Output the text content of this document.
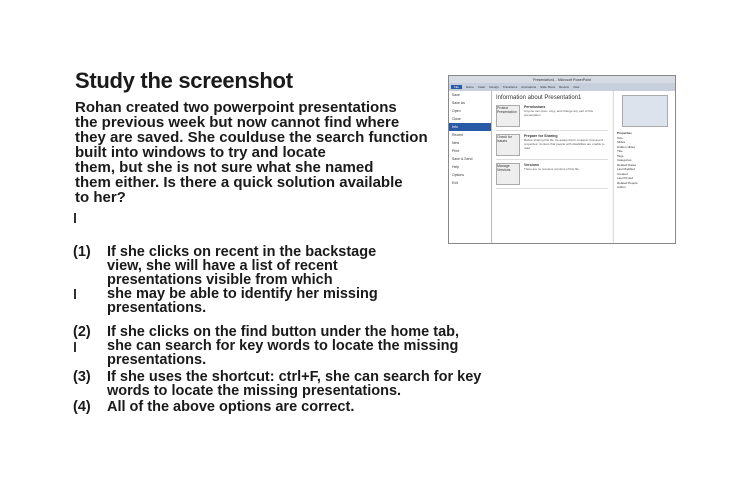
Study the screenshot
Rohan created two powerpoint presentations
the previous week but now cannot find where
they are saved. She coulduse the search function
built into windows to try and locate
them, but she is not sure what she named
them either. Is there a quick solution available
to her?
(1)	If she clicks on recent in the backstage
view, she will have a list of recent
presentations visible from which
she may be able to identify her missing
presentations.
(2)	If she clicks on the find button under the home tab,
she can search for key words to locate the missing
presentations.
(3)	If she uses the shortcut: ctrl+F, she can search for key
words to locate the missing presentations.
(4)	All of the above options are correct.
Presentation1 - Microsoft PowerPoint
File	Home Insert Design Transitions Animations Slide Show Review View
Save
Save As
Open
Close
Info
Recent
New
Print
Save & Send
Help
Options
Exit
Information about Presentation1
Protect Presentation
Permissions
Anyone can open, copy, and change any part of this presentation.
Check for Issues
Prepare for Sharing
Before sharing this file, be aware that it contains: Document properties; Content that people with disabilities are unable to read
Manage Versions
Versions
There are no previous versions of this file.
Properties
Size
Slides
Hidden slides
Title
Tags
Categories
Related Dates
Last Modified
Created
Last Printed
Related People
Author
